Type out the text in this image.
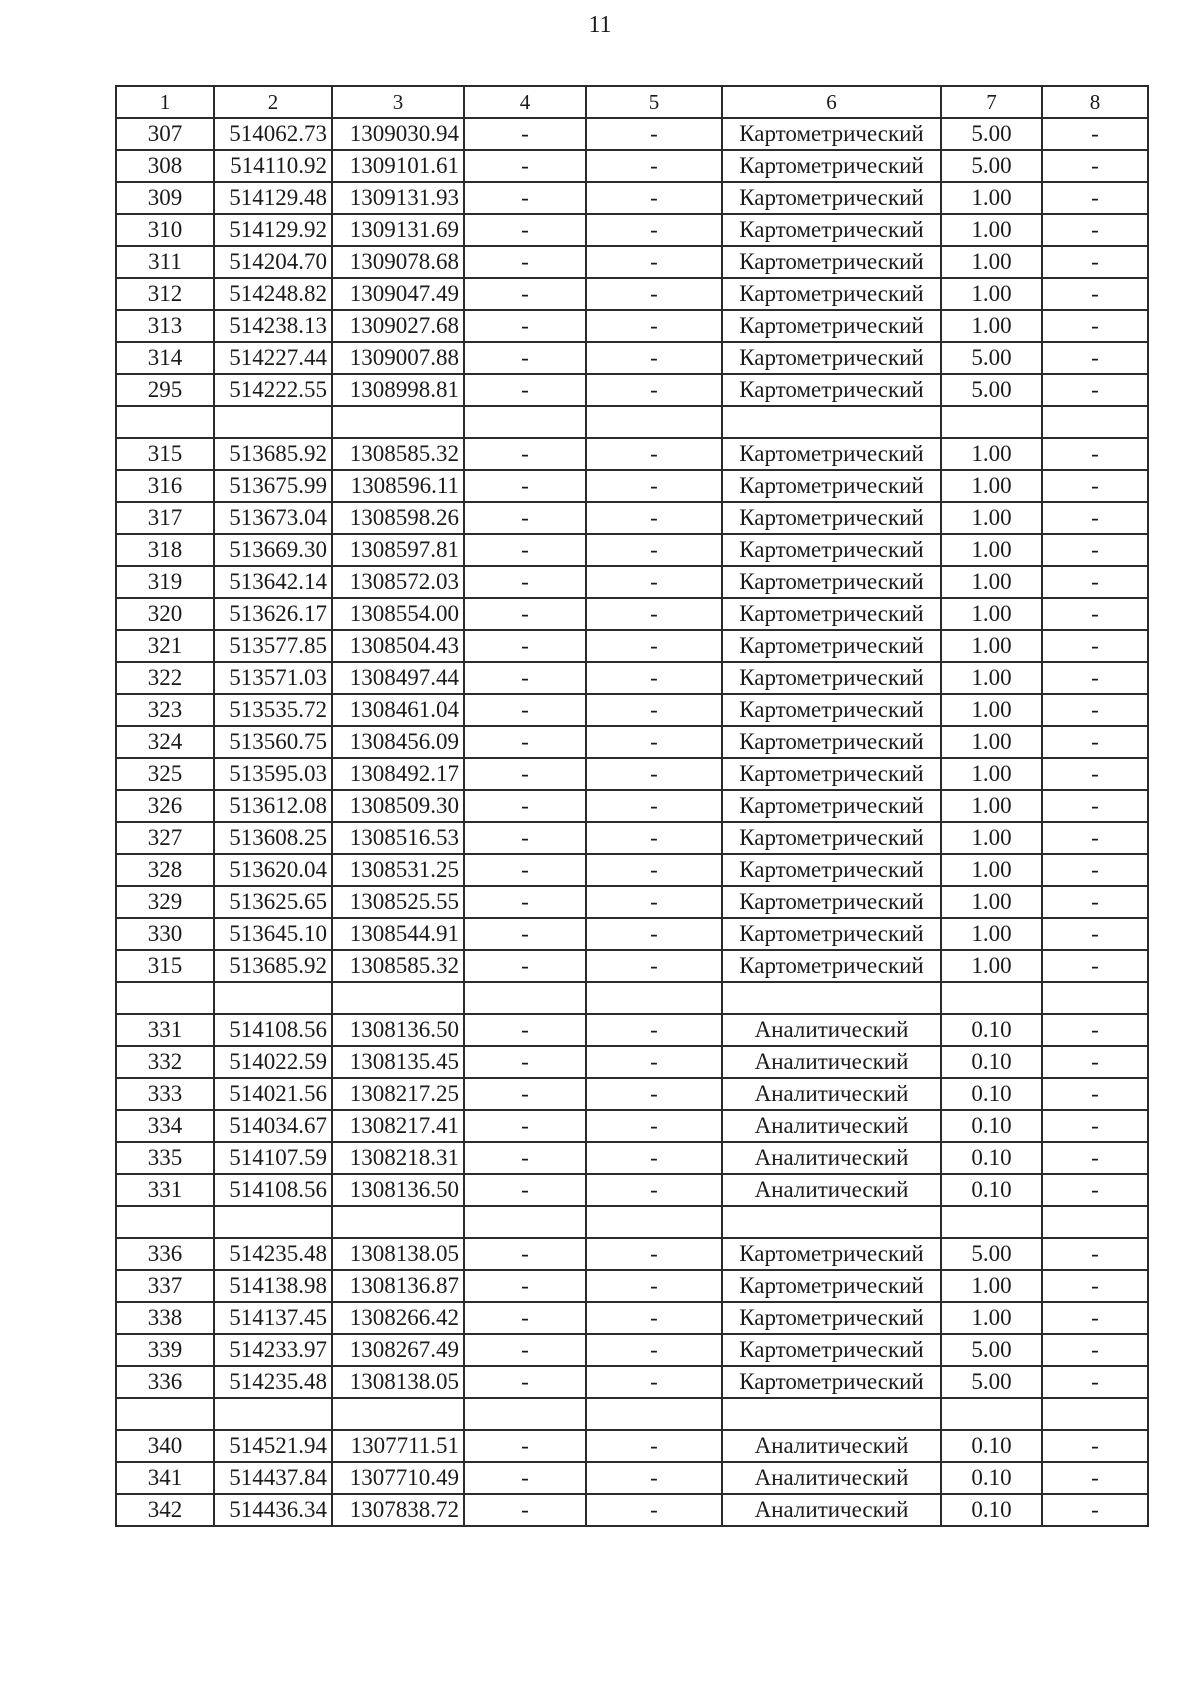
11
1	2	3	4	5	6	7	8
307	514062.73	1309030.94	-	-	Картометрический	5.00	-
308	514110.92	1309101.61	-	-	Картометрический	5.00	-
309	514129.48	1309131.93	-	-	Картометрический	1.00	-
310	514129.92	1309131.69	-	-	Картометрический	1.00	-
311	514204.70	1309078.68	-	-	Картометрический	1.00	-
312	514248.82	1309047.49	-	-	Картометрический	1.00	-
313	514238.13	1309027.68	-	-	Картометрический	1.00	-
314	514227.44	1309007.88	-	-	Картометрический	5.00	-
295	514222.55	1308998.81	-	-	Картометрический	5.00	-

315	513685.92	1308585.32	-	-	Картометрический	1.00	-
316	513675.99	1308596.11	-	-	Картометрический	1.00	-
317	513673.04	1308598.26	-	-	Картометрический	1.00	-
318	513669.30	1308597.81	-	-	Картометрический	1.00	-
319	513642.14	1308572.03	-	-	Картометрический	1.00	-
320	513626.17	1308554.00	-	-	Картометрический	1.00	-
321	513577.85	1308504.43	-	-	Картометрический	1.00	-
322	513571.03	1308497.44	-	-	Картометрический	1.00	-
323	513535.72	1308461.04	-	-	Картометрический	1.00	-
324	513560.75	1308456.09	-	-	Картометрический	1.00	-
325	513595.03	1308492.17	-	-	Картометрический	1.00	-
326	513612.08	1308509.30	-	-	Картометрический	1.00	-
327	513608.25	1308516.53	-	-	Картометрический	1.00	-
328	513620.04	1308531.25	-	-	Картометрический	1.00	-
329	513625.65	1308525.55	-	-	Картометрический	1.00	-
330	513645.10	1308544.91	-	-	Картометрический	1.00	-
315	513685.92	1308585.32	-	-	Картометрический	1.00	-

331	514108.56	1308136.50	-	-	Аналитический	0.10	-
332	514022.59	1308135.45	-	-	Аналитический	0.10	-
333	514021.56	1308217.25	-	-	Аналитический	0.10	-
334	514034.67	1308217.41	-	-	Аналитический	0.10	-
335	514107.59	1308218.31	-	-	Аналитический	0.10	-
331	514108.56	1308136.50	-	-	Аналитический	0.10	-

336	514235.48	1308138.05	-	-	Картометрический	5.00	-
337	514138.98	1308136.87	-	-	Картометрический	1.00	-
338	514137.45	1308266.42	-	-	Картометрический	1.00	-
339	514233.97	1308267.49	-	-	Картометрический	5.00	-
336	514235.48	1308138.05	-	-	Картометрический	5.00	-

340	514521.94	1307711.51	-	-	Аналитический	0.10	-
341	514437.84	1307710.49	-	-	Аналитический	0.10	-
342	514436.34	1307838.72	-	-	Аналитический	0.10	-
